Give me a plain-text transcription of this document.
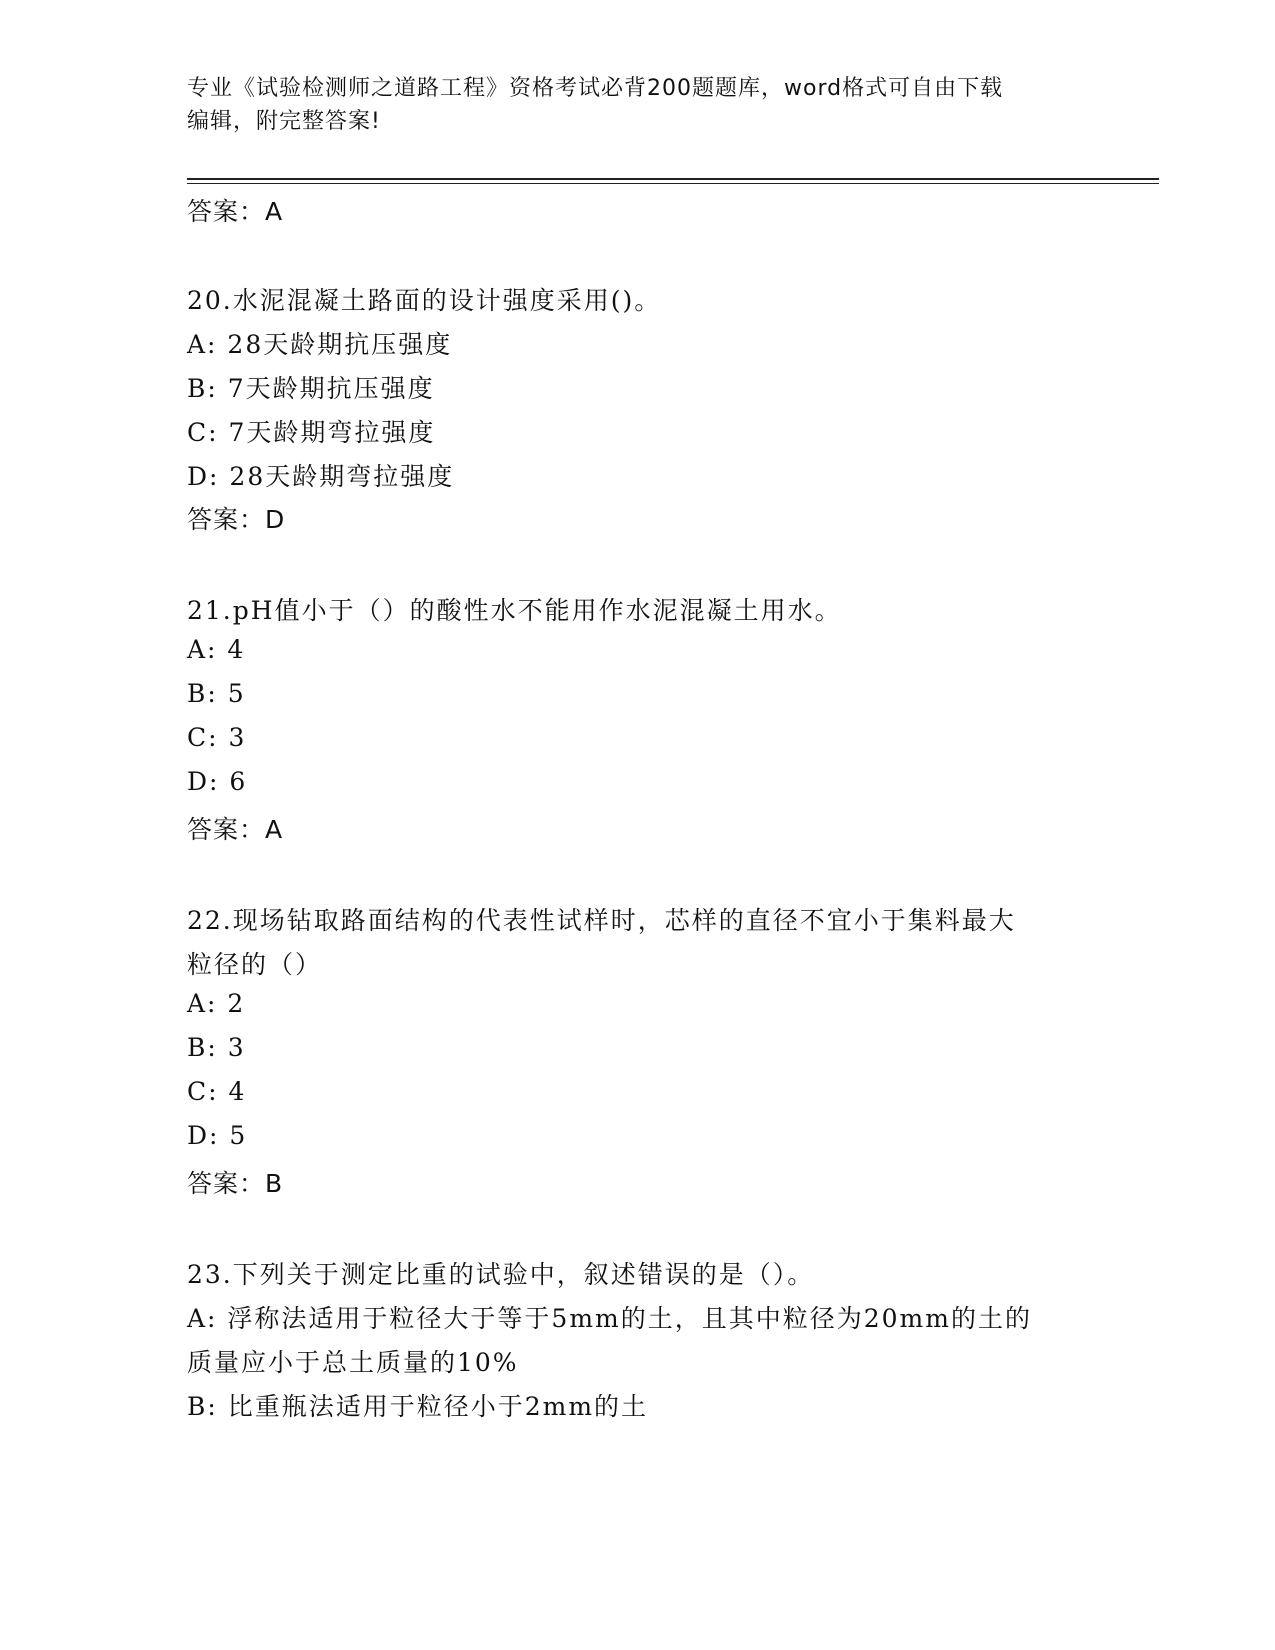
专业《试验检测师之道路工程》资格考试必背200题题库，word格式可自由下载
编辑，附完整答案!
答案：A
20.水泥混凝土路面的设计强度采用()。
A: 28天龄期抗压强度
B: 7天龄期抗压强度
C: 7天龄期弯拉强度
D: 28天龄期弯拉强度
答案：D
21.pH值小于（）的酸性水不能用作水泥混凝土用水。
A: 4
B: 5
C: 3
D: 6
答案：A
22.现场钻取路面结构的代表性试样时，芯样的直径不宜小于集料最大
粒径的（）
A: 2
B: 3
C: 4
D: 5
答案：B
23.下列关于测定比重的试验中，叙述错误的是（）。
A: 浮称法适用于粒径大于等于5mm的土，且其中粒径为20mm的土的
质量应小于总土质量的10%
B: 比重瓶法适用于粒径小于2mm的土
